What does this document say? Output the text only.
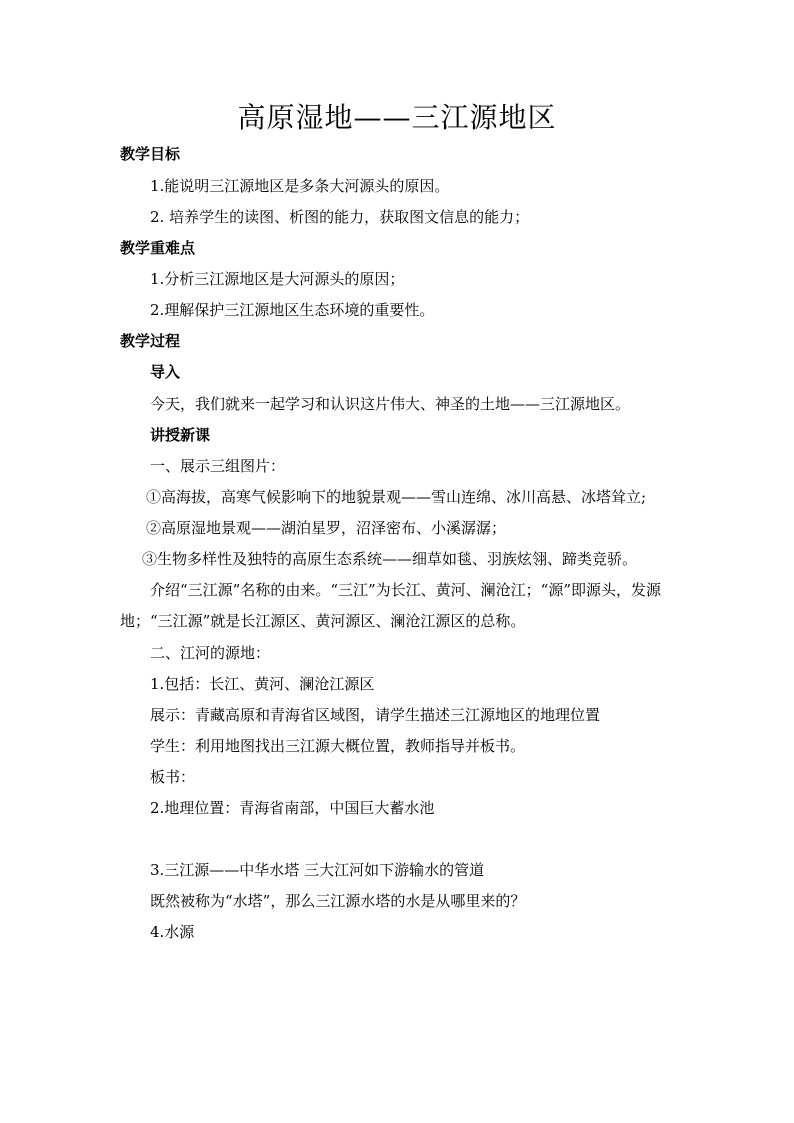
高原湿地——三江源地区
教学目标
1.能说明三江源地区是多条大河源头的原因。
2. 培养学生的读图、析图的能力，获取图文信息的能力；
教学重难点
1.分析三江源地区是大河源头的原因；
2.理解保护三江源地区生态环境的重要性。
教学过程
导入
今天，我们就来一起学习和认识这片伟大、神圣的土地——三江源地区。
讲授新课
一、展示三组图片：
①高海拔，高寒气候影响下的地貌景观——雪山连绵、冰川高悬、冰塔耸立;
②高原湿地景观——湖泊星罗，沼泽密布、小溪潺潺；
③生物多样性及独特的高原生态系统——细草如毯、羽族炫翎、蹄类竞骄。
介绍“三江源”名称的由来。“三江”为长江、黄河、澜沧江；“源”即源头，发源地；“三江源”就是长江源区、黄河源区、澜沧江源区的总称。
二、江河的源地：
1.包括：长江、黄河、澜沧江源区
展示：青藏高原和青海省区域图，请学生描述三江源地区的地理位置
学生：利用地图找出三江源大概位置，教师指导并板书。
板书：
2.地理位置：青海省南部，中国巨大蓄水池
3.三江源——中华水塔 三大江河如下游输水的管道
既然被称为“水塔”，那么三江源水塔的水是从哪里来的？
4.水源
